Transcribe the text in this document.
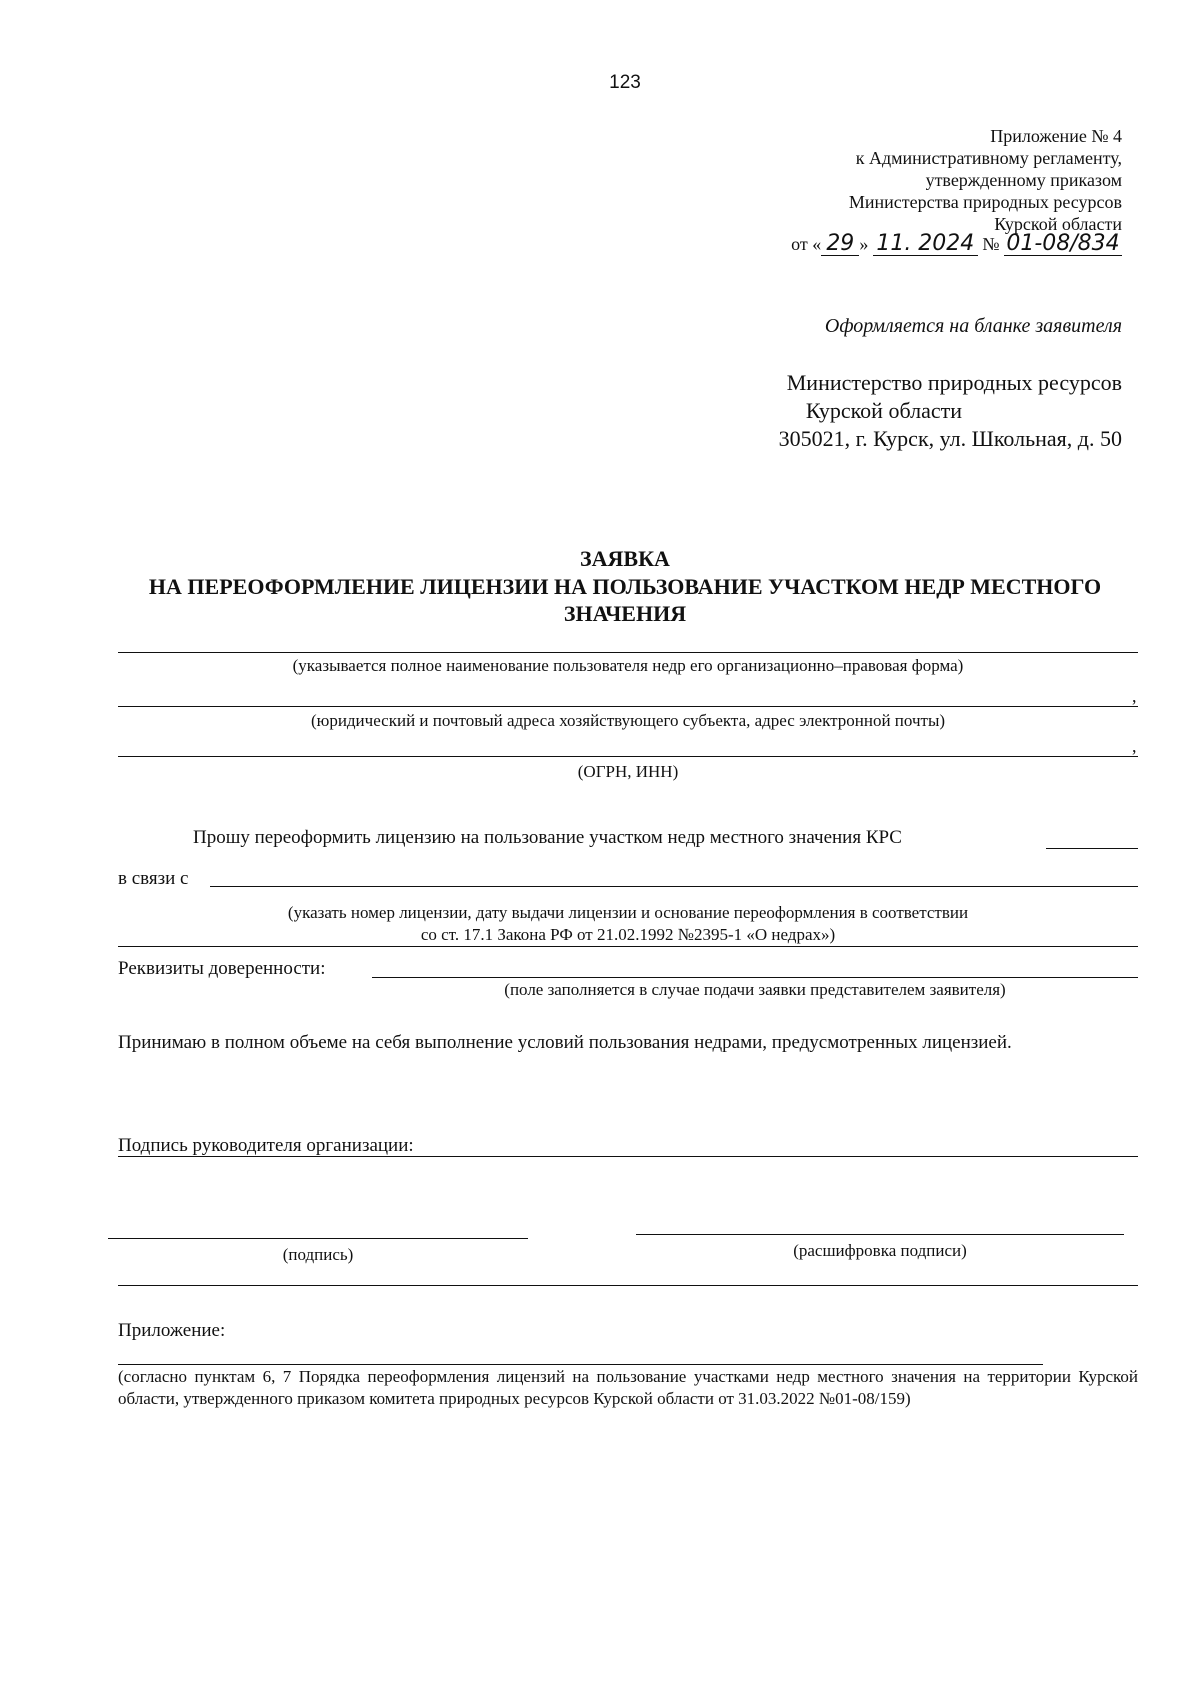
123
Приложение № 4
к Административному регламенту,
утвержденному приказом
Министерства природных ресурсов
Курской области
от « 29 » 11. 2024 № 01-08/834
Оформляется на бланке заявителя
Министерство природных ресурсов
Курской области
305021, г. Курск, ул. Школьная, д. 50
ЗАЯВКА
НА ПЕРЕОФОРМЛЕНИЕ ЛИЦЕНЗИИ НА ПОЛЬЗОВАНИЕ УЧАСТКОМ НЕДР МЕСТНОГО
ЗНАЧЕНИЯ
(указывается полное наименование пользователя недр его организационно–правовая форма)
,
(юридический и почтовый адреса хозяйствующего субъекта, адрес электронной почты)
,
(ОГРН, ИНН)
Прошу переоформить лицензию на пользование участком недр местного значения КРС
в связи с
(указать номер лицензии, дату выдачи лицензии и основание переоформления в соответствии
со ст. 17.1 Закона РФ от 21.02.1992 №2395-1 «О недрах»)
Реквизиты доверенности:
(поле заполняется в случае подачи заявки представителем заявителя)
Принимаю в полном объеме на себя выполнение условий пользования недрами, предусмотренных лицензией.
Подпись руководителя организации:
(подпись)	(расшифровка подписи)
Приложение:
(согласно пунктам 6, 7 Порядка переоформления лицензий на пользование участками недр местного значения на территории Курской области, утвержденного приказом комитета природных ресурсов Курской области от 31.03.2022 №01-08/159)
